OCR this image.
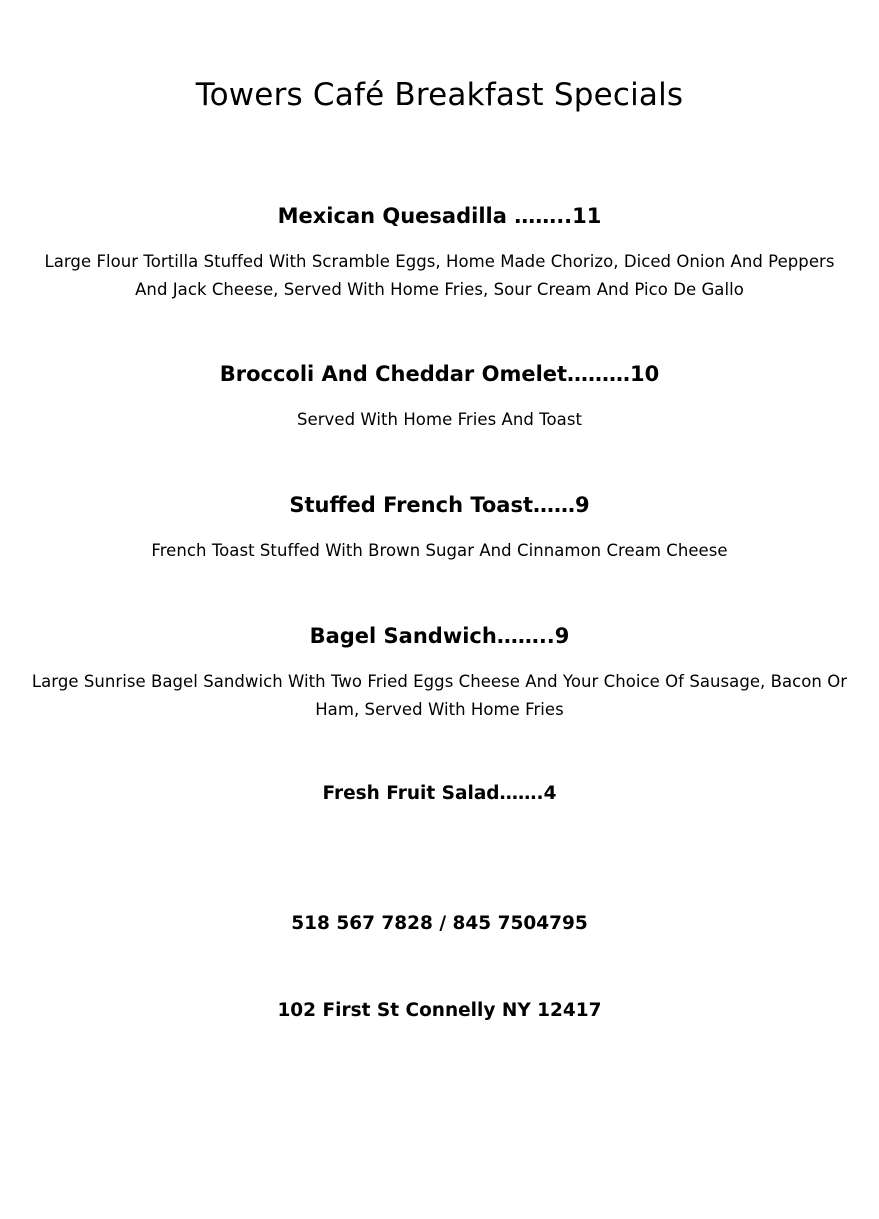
Towers Café Breakfast Specials
Mexican Quesadilla ……..11

Large Flour Tortilla Stuffed With Scramble Eggs, Home Made Chorizo, Diced Onion And Peppers And Jack Cheese, Served With Home Fries, Sour Cream And Pico De Gallo

Broccoli And Cheddar Omelet………10

Served With Home Fries And Toast

Stuffed French Toast……9

French Toast Stuffed With Brown Sugar And Cinnamon Cream Cheese

Bagel Sandwich……..9

Large Sunrise Bagel Sandwich With Two Fried Eggs Cheese And Your Choice Of Sausage, Bacon Or Ham, Served With Home Fries

Fresh Fruit Salad…….4

518 567 7828 / 845 7504795

102 First St Connelly NY 12417
